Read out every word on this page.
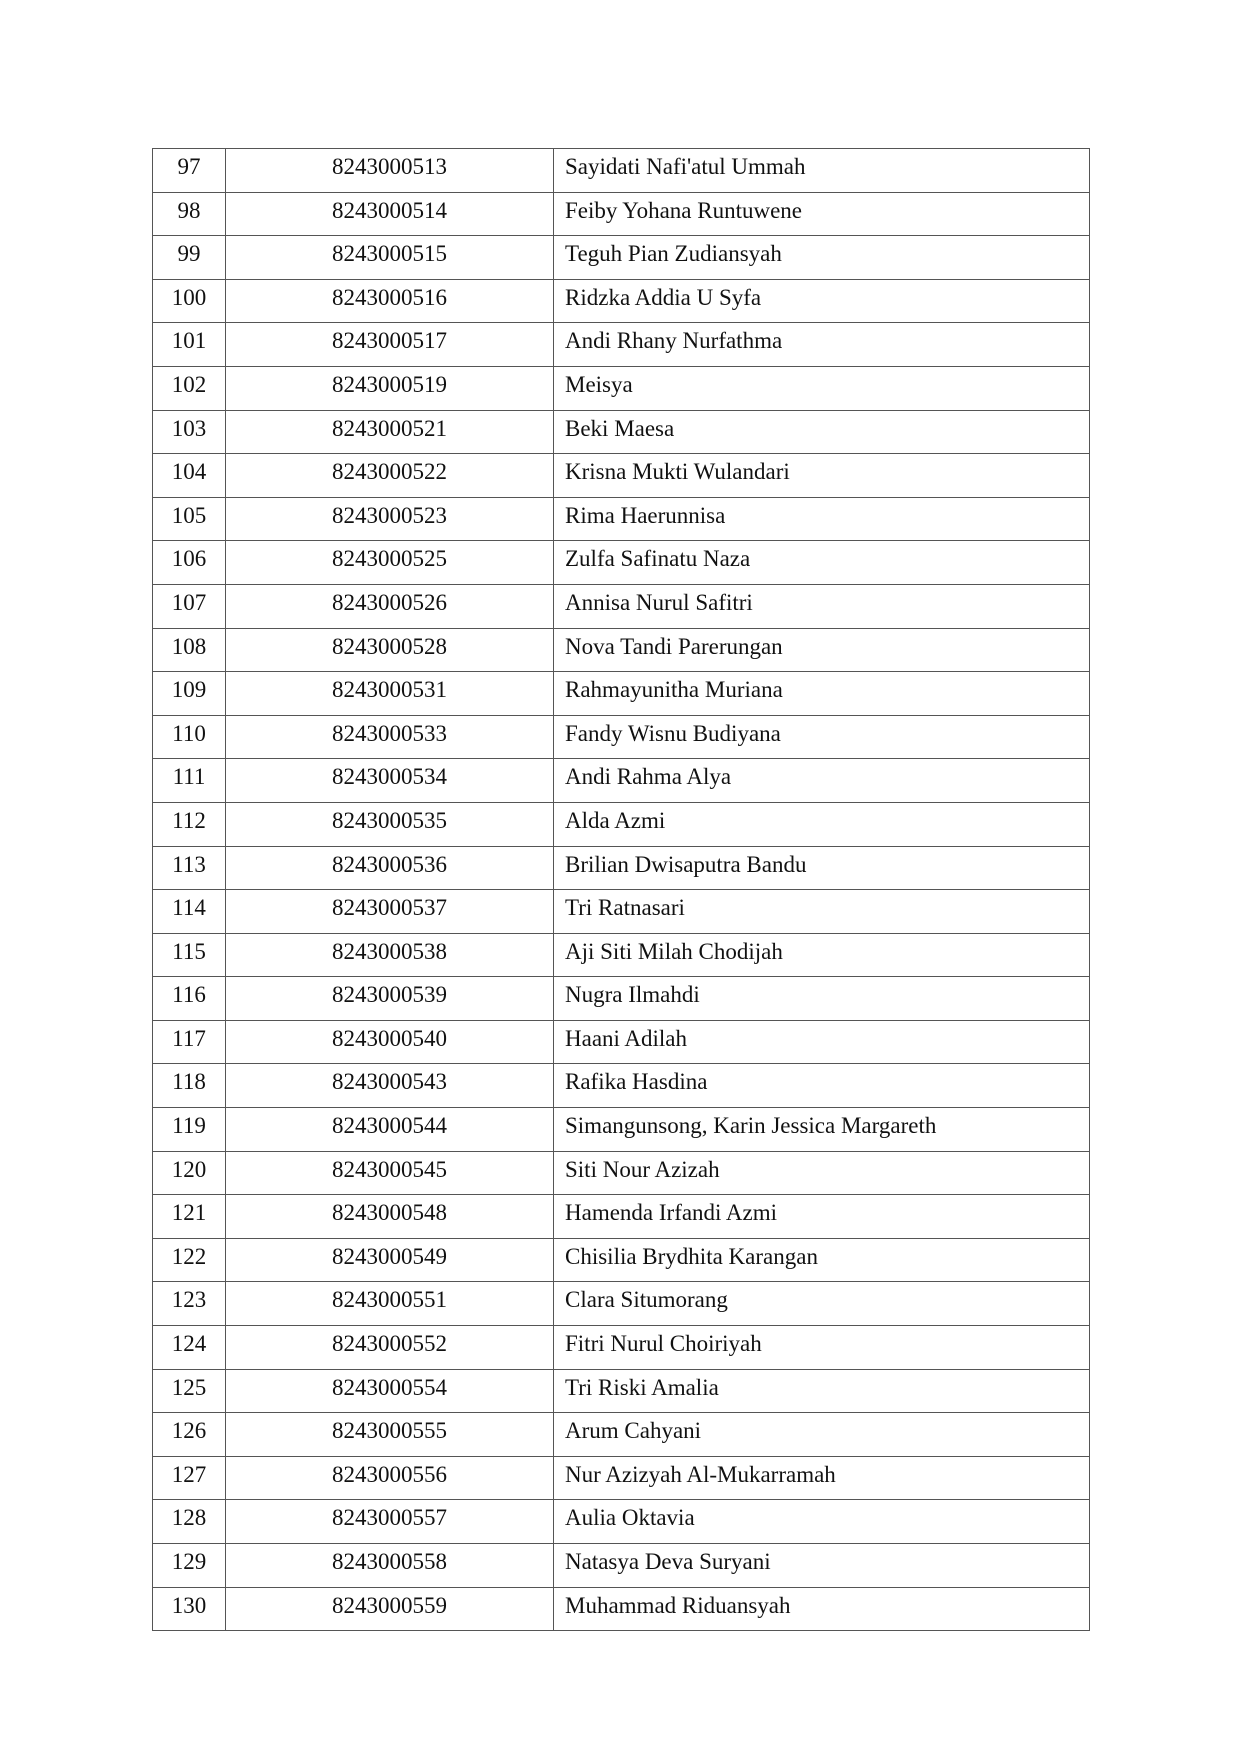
97	8243000513	Sayidati Nafi'atul Ummah

98	8243000514	Feiby Yohana Runtuwene

99	8243000515	Teguh Pian Zudiansyah

100	8243000516	Ridzka Addia U Syfa

101	8243000517	Andi Rhany Nurfathma

102	8243000519	Meisya

103	8243000521	Beki Maesa

104	8243000522	Krisna Mukti Wulandari

105	8243000523	Rima Haerunnisa

106	8243000525	Zulfa Safinatu Naza

107	8243000526	Annisa Nurul Safitri

108	8243000528	Nova Tandi Parerungan

109	8243000531	Rahmayunitha Muriana

110	8243000533	Fandy Wisnu Budiyana

111	8243000534	Andi Rahma Alya

112	8243000535	Alda Azmi

113	8243000536	Brilian Dwisaputra Bandu

114	8243000537	Tri Ratnasari

115	8243000538	Aji Siti Milah Chodijah

116	8243000539	Nugra Ilmahdi

117	8243000540	Haani Adilah

118	8243000543	Rafika Hasdina

119	8243000544	Simangunsong, Karin Jessica Margareth

120	8243000545	Siti Nour Azizah

121	8243000548	Hamenda Irfandi Azmi

122	8243000549	Chisilia Brydhita Karangan

123	8243000551	Clara Situmorang

124	8243000552	Fitri Nurul Choiriyah

125	8243000554	Tri Riski Amalia

126	8243000555	Arum Cahyani

127	8243000556	Nur Azizyah Al-Mukarramah

128	8243000557	Aulia Oktavia

129	8243000558	Natasya Deva Suryani

130	8243000559	Muhammad Riduansyah
